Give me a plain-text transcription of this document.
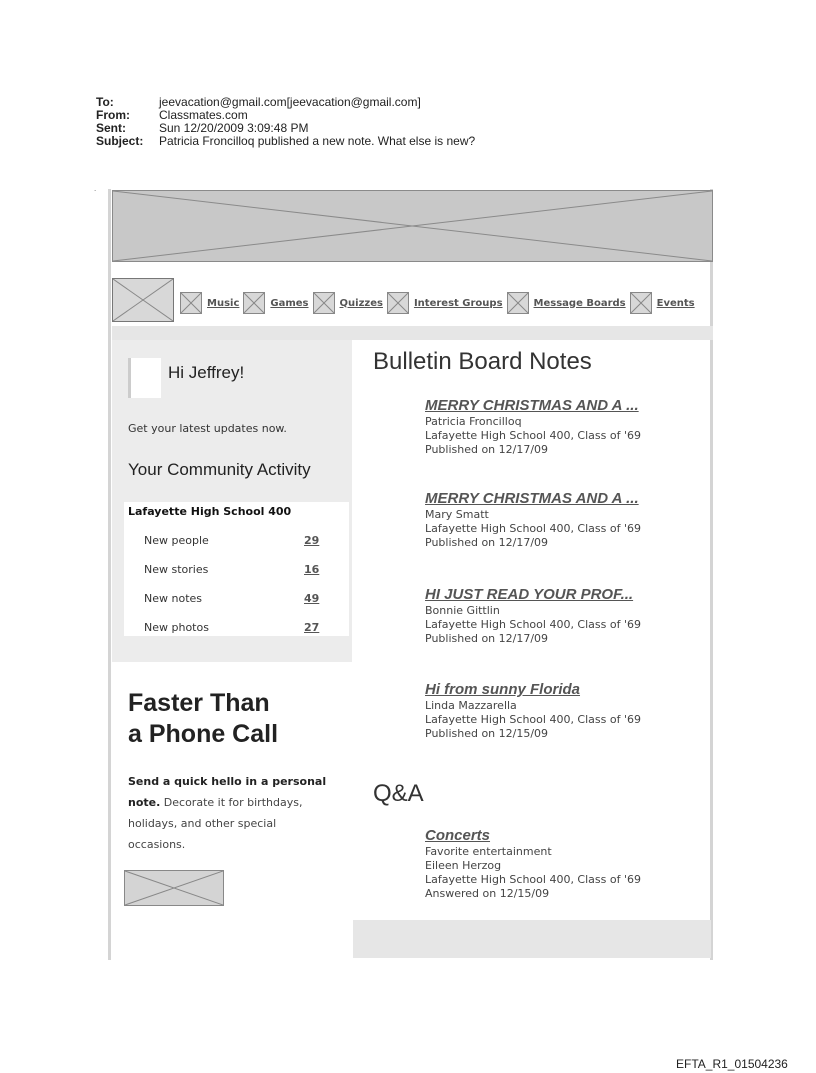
To:	jeevacation@gmail.com[jeevacation@gmail.com]
From:	Classmates.com
Sent:	Sun 12/20/2009 3:09:48 PM
Subject:	Patricia Froncilloq published a new note. What else is new?
.
Music	Games	Quizzes	Interest Groups	Message Boards	Events
Hi Jeffrey!
Get your latest updates now.
Your Community Activity
Lafayette High School 400
New people	29
New stories	16
New notes	49
New photos	27
Faster Than
a Phone Call
Send a quick hello in a personal note. Decorate it for birthdays, holidays, and other special occasions.
Bulletin Board Notes
MERRY CHRISTMAS AND A ...
Patricia Froncilloq
Lafayette High School 400, Class of '69
Published on 12/17/09
MERRY CHRISTMAS AND A ...
Mary Smatt
Lafayette High School 400, Class of '69
Published on 12/17/09
HI JUST READ YOUR PROF...
Bonnie Gittlin
Lafayette High School 400, Class of '69
Published on 12/17/09
Hi from sunny Florida
Linda Mazzarella
Lafayette High School 400, Class of '69
Published on 12/15/09
Q&A
Concerts
Favorite entertainment
Eileen Herzog
Lafayette High School 400, Class of '69
Answered on 12/15/09
EFTA_R1_01504236
